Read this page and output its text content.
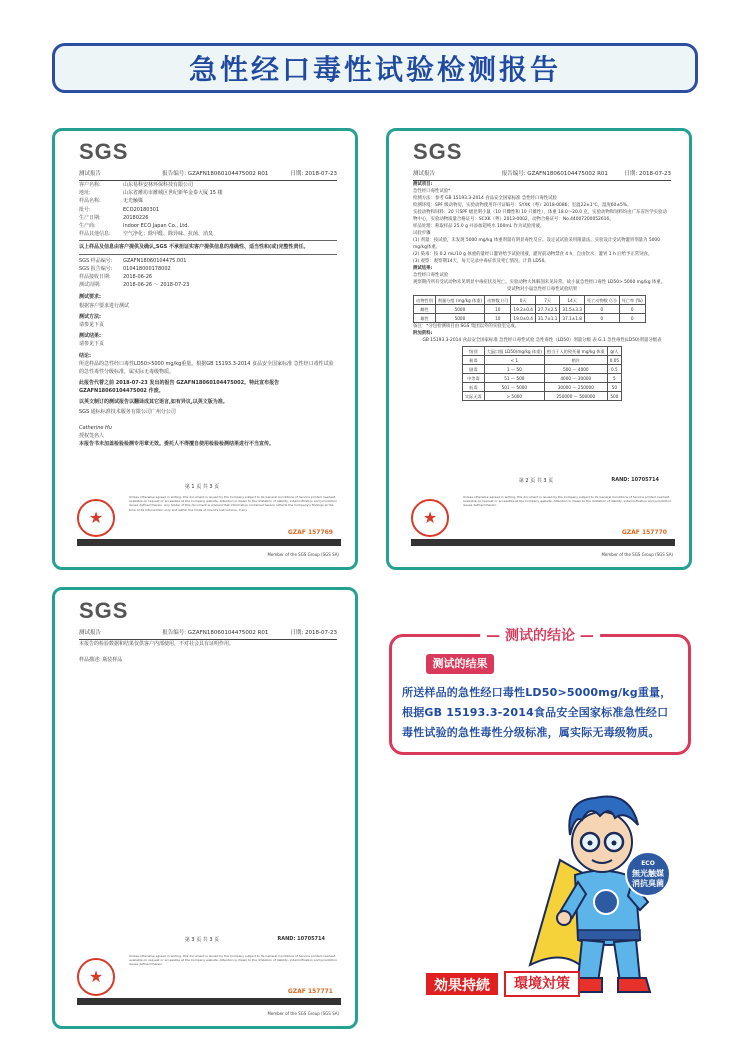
急性经口毒性试验检测报告
SGS
测试报告	报告编号: GZAFN18060104475002 R01　　　　日期: 2018-07-23
客户名称:	山东易科安林环保科技有限公司
地址:	山东省潍坊市潍城区世纪新华金泰大厦 15 楼
样品名称:	无光触媒
批号:	ECO20180301
生产日期:	20180226
生产商:	Indoor ECO Japan Co., Ltd.
样品其他信息:	空气净化；除甲醛、除异味、抗菌、消臭
以上样品及信息由客户提供及确认,SGS 不承担证实客户提供信息的准确性、适当性和(或)完整性责任。
SGS 样品编号:	GZAFN18060104475.001
SGS 报告编号:	010418000178002
样品接收日期:	2018-06-26
测试周期:	2018-06-26 ～ 2018-07-23
测试要求:
根据客户要求进行测试
测试方法:
请参见下页
测试结果:
请参见下页
结论:
所送样品的急性经口毒性LD50>5000 mg/kg重量。根据GB 15193.3-2014 食品安全国家标准 急性经口毒性试验的急性毒性分级标准，属实际无毒级物质。
此报告代替之前 2018-07-23 发出的报告 GZAFN18060104475002。特此宣布报告 GZAFN18060104475002 作废。
以英文制订的测试报告以翻译成其它语言,如有异议,以英文版为准。
SGS 通标标准技术服务有限公司广州分公司
Catherine Hu
授权签名人
本报告书未加盖检验检测专用章无效。委托人不得擅自使用检验检测结果进行不当宣传。
第 1 页 共 3 页
★
Unless otherwise agreed in writing, this document is issued by the Company subject to its General Conditions of Service printed overleaf, available on request or accessible at the Company website. Attention is drawn to the limitation of liability, indemnification and jurisdiction issues defined therein. Any holder of this document is advised that information contained hereon reflects the Company's findings at the time of its intervention only and within the limits of Client's instructions, if any.
GZAF 157769
Member of the SGS Group (SGS SA)
SGS
测试报告	报告编号: GZAFN18060104475002 R01　　　日期: 2018-07-23
测试项目:
急性经口毒性试验*
检测方法：参考 GB 15193.3-2014 食品安全国家标准 急性经口毒性试验
检测环境：SPF 级动物房，实验动物使用许可证编号：SYXK（粤）2018-0086；室温22±1℃，湿度60±5%。
实验动物和饲料：20 只SPF 级昆明小鼠（10 只雌性和 10 只雄性），体重 18.0～20.0 克，实验动物和饲料均由广东省医学实验动物中心，实验动物质量合格证号：SCXK（粤）2013-0002，动物合格证号：No.44007200052616。
样品处理：称取样品 25.0 g 并添加超纯水 100mL 作为试验用液。
试验步骤
(1) 剂量：按试验，未发现 5000 mg/kg 体重剂量有明显毒性反应。设定试试验采用限量法。实验设计受试物灌胃剂量为 5000 mg/kg体重。
(2) 染毒：按 0.2 mL/10 g 体重的量经口灌胃给予试验用液，灌胃前动物禁食 4 h，自由饮水，灌胃 1 h 后给予正常饲食。
(3) 观察：观察期14天，每天记录中毒症状及死亡情况，计算 LD50。
测试结果:
急性经口毒性试验
观察期内所有受试动物未见明显中毒症状及死亡。实验动物大体解剖未见异常。故小鼠急性经口毒性 LD50> 5000 mg/kg 体重。
受试物对小鼠急性经口毒性试验结果
动物性别	剂量分组 (mg/kg 体重)	动物数 (只)	0天	7天	14天	死亡动物数 (只)	死亡率 (%)
雌性	5000	10	19.2±0.4	27.7±2.5	31.5±3.3	0	0
雄性	5000	10	19.0±0.4	31.7±1.1	37.1±1.8	0	0
备注：*分包检测项目由 SGS 集团以外的实验室完成。
附加资料:
GB 15193.3-2014 食品安全国家标准 急性经口毒性试验 急性毒性（LD50）剂量分级 表 G.1 急性毒性(LD50)剂量分级表
级别	大鼠口服 LD50(mg/kg 体重)	相当于人的致死量 mg/kg 体重	g/人
极毒	< 1	稍许	0.05
剧毒	1 ～ 50	500 ～ 4000	0.5
中等毒	51 ～ 500	4000 ～ 30000	5
低毒	501 ～ 5000	30000 ～ 250000	50
实际无毒	> 5000	250000 ～ 500000	500
第 2 页 共 3 页	RAND: 10705714
★
Unless otherwise agreed in writing, this document is issued by the Company subject to its General Conditions of Service printed overleaf, available on request or accessible at the Company website. Attention is drawn to the limitation of liability, indemnification and jurisdiction issues defined therein.
GZAF 157770
Member of the SGS Group (SGS SA)
SGS
测试报告	报告编号: GZAFN18060104475002 R01　　　　日期: 2018-07-23
本报告的检验数据和结果仅供客户内部使用，不对社会具有证明作用。
样品描述: 瓶装样品
第 3 页 共 3 页	RAND: 10705714
★
Unless otherwise agreed in writing, this document is issued by the Company subject to its General Conditions of Service printed overleaf, available on request or accessible at the Company website. Attention is drawn to the limitation of liability, indemnification and jurisdiction issues defined therein.
GZAF 157771
Member of the SGS Group (SGS SA)
— 测试的结论 —
测试的结果
所送样品的急性经口毒性LD50>5000mg/kg重量，根据GB 15193.3-2014食品安全国家标准急性经口毒性试验的急性毒性分级标准，属实际无毒级物质。
ECO
無光触媒
消抗臭菌
効果持続	環境対策
